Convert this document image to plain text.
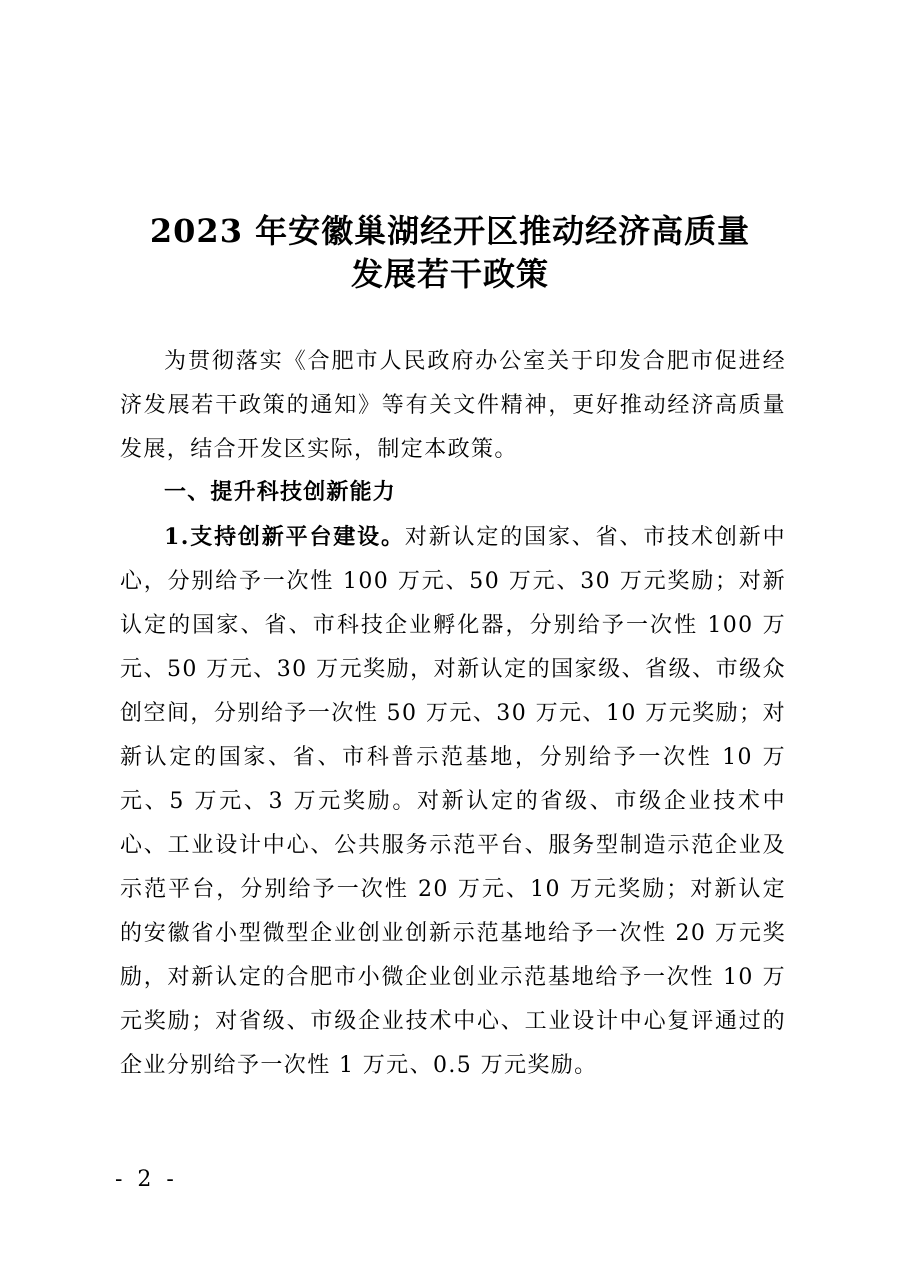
2023 年安徽巢湖经开区推动经济高质量
发展若干政策

为贯彻落实《合肥市人民政府办公室关于印发合肥市促进经济发展若干政策的通知》等有关文件精神，更好推动经济高质量发展，结合开发区实际，制定本政策。

一、提升科技创新能力

1.支持创新平台建设。对新认定的国家、省、市技术创新中心，分别给予一次性 100 万元、50 万元、30 万元奖励；对新认定的国家、省、市科技企业孵化器，分别给予一次性 100 万元、50 万元、30 万元奖励，对新认定的国家级、省级、市级众创空间，分别给予一次性 50 万元、30 万元、10 万元奖励；对新认定的国家、省、市科普示范基地，分别给予一次性 10 万元、5 万元、3 万元奖励。对新认定的省级、市级企业技术中心、工业设计中心、公共服务示范平台、服务型制造示范企业及示范平台，分别给予一次性 20 万元、10 万元奖励；对新认定的安徽省小型微型企业创业创新示范基地给予一次性 20 万元奖励，对新认定的合肥市小微企业创业示范基地给予一次性 10 万元奖励；对省级、市级企业技术中心、工业设计中心复评通过的企业分别给予一次性 1 万元、0.5 万元奖励。

- 2 -
